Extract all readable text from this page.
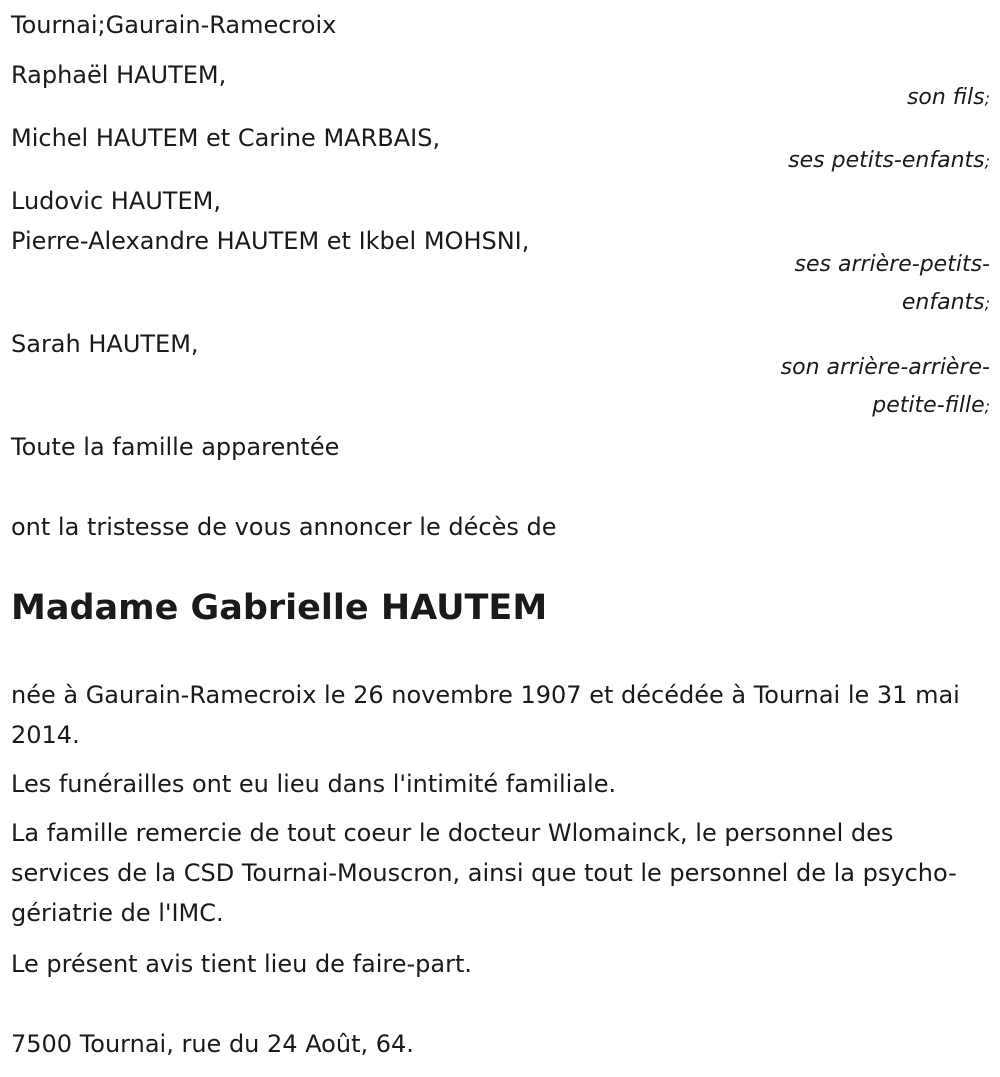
Tournai;Gaurain-Ramecroix
Raphaël HAUTEM,
son fils;
Michel HAUTEM et Carine MARBAIS,
ses petits-enfants;
Ludovic HAUTEM,
Pierre-Alexandre HAUTEM et Ikbel MOHSNI,
ses arrière-petits-
enfants;
Sarah HAUTEM,
son arrière-arrière-
petite-fille;
Toute la famille apparentée
ont la tristesse de vous annoncer le décès de
Madame Gabrielle HAUTEM
née à Gaurain-Ramecroix le 26 novembre 1907 et décédée à Tournai le 31 mai 2014.
Les funérailles ont eu lieu dans l'intimité familiale.
La famille remercie de tout coeur le docteur Wlomainck, le personnel des services de la CSD Tournai-Mouscron, ainsi que tout le personnel de la psycho-gériatrie de l'IMC.
Le présent avis tient lieu de faire-part.
7500 Tournai, rue du 24 Août, 64.
